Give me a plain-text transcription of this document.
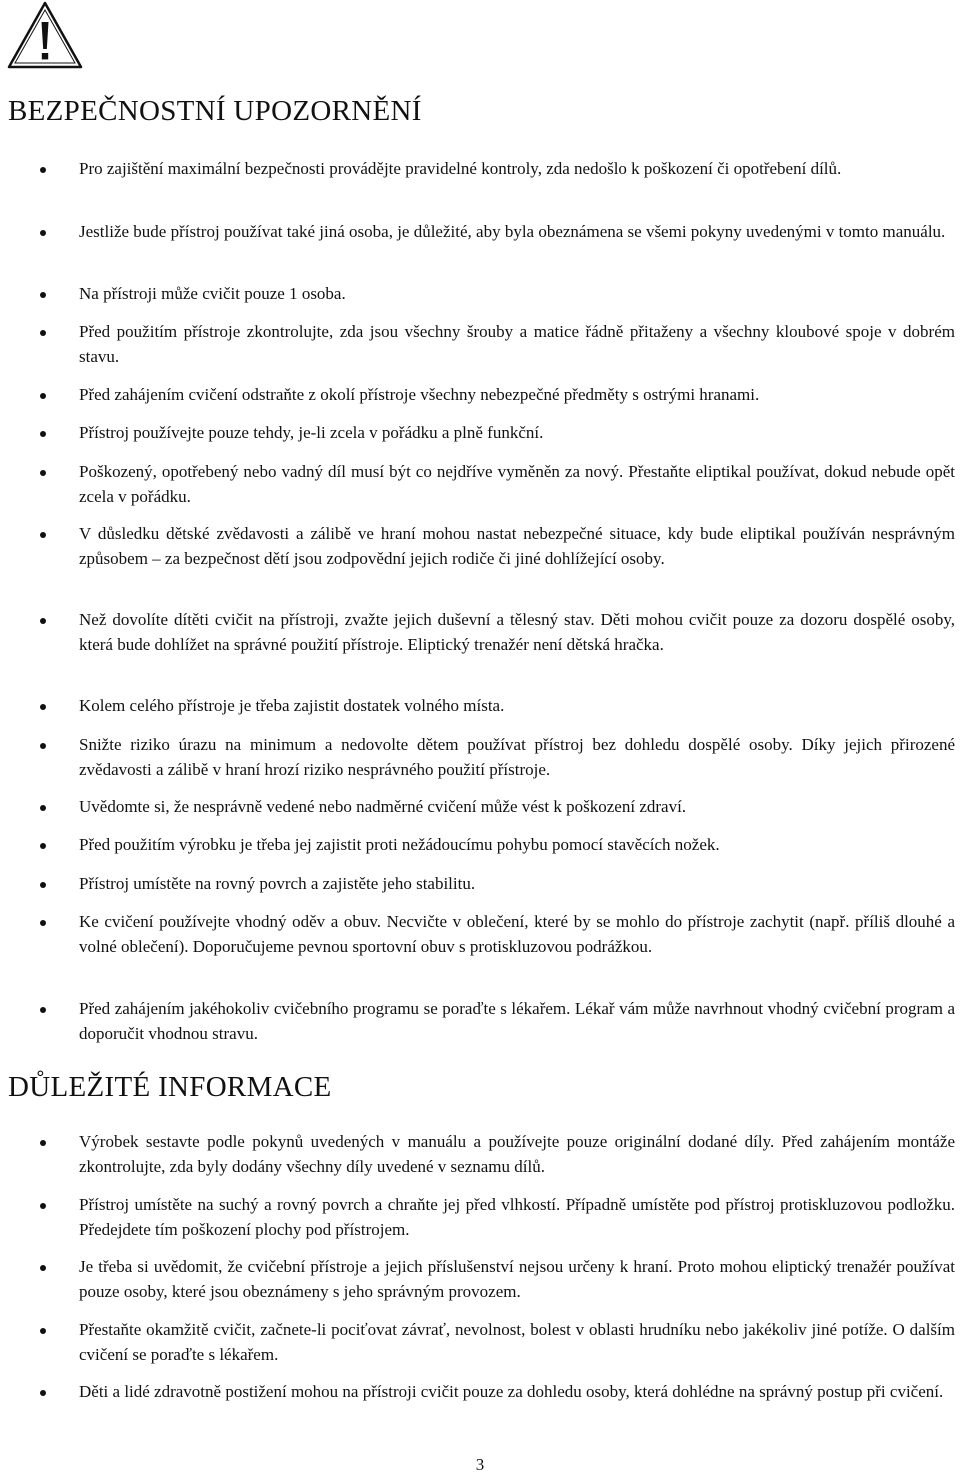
BEZPEČNOSTNÍ UPOZORNĚNÍ

Pro zajištění maximální bezpečnosti provádějte pravidelné kontroly, zda nedošlo k poškození či opotřebení dílů.

Jestliže bude přístroj používat také jiná osoba, je důležité, aby byla obeznámena se všemi pokyny uvedenými v tomto manuálu.

Na přístroji může cvičit pouze 1 osoba.

Před použitím přístroje zkontrolujte, zda jsou všechny šrouby a matice řádně přitaženy a všechny kloubové spoje v dobrém stavu.

Před zahájením cvičení odstraňte z okolí přístroje všechny nebezpečné předměty s ostrými hranami.

Přístroj používejte pouze tehdy, je-li zcela v pořádku a plně funkční.

Poškozený, opotřebený nebo vadný díl musí být co nejdříve vyměněn za nový. Přestaňte eliptikal používat, dokud nebude opět zcela v pořádku.

V důsledku dětské zvědavosti a zálibě ve hraní mohou nastat nebezpečné situace, kdy bude eliptikal používán nesprávným způsobem – za bezpečnost dětí jsou zodpovědní jejich rodiče či jiné dohlížející osoby.

Než dovolíte dítěti cvičit na přístroji, zvažte jejich duševní a tělesný stav. Děti mohou cvičit pouze za dozoru dospělé osoby, která bude dohlížet na správné použití přístroje. Eliptický trenažér není dětská hračka.

Kolem celého přístroje je třeba zajistit dostatek volného místa.

Snižte riziko úrazu na minimum a nedovolte dětem používat přístroj bez dohledu dospělé osoby. Díky jejich přirozené zvědavosti a zálibě v hraní hrozí riziko nesprávného použití přístroje.

Uvědomte si, že nesprávně vedené nebo nadměrné cvičení může vést k poškození zdraví.

Před použitím výrobku je třeba jej zajistit proti nežádoucímu pohybu pomocí stavěcích nožek.

Přístroj umístěte na rovný povrch a zajistěte jeho stabilitu.

Ke cvičení používejte vhodný oděv a obuv. Necvičte v oblečení, které by se mohlo do přístroje zachytit (např. příliš dlouhé a volné oblečení). Doporučujeme pevnou sportovní obuv s protiskluzovou podrážkou.

Před zahájením jakéhokoliv cvičebního programu se poraďte s lékařem. Lékař vám může navrhnout vhodný cvičební program a doporučit vhodnou stravu.

DŮLEŽITÉ INFORMACE

Výrobek sestavte podle pokynů uvedených v manuálu a používejte pouze originální dodané díly. Před zahájením montáže zkontrolujte, zda byly dodány všechny díly uvedené v seznamu dílů.

Přístroj umístěte na suchý a rovný povrch a chraňte jej před vlhkostí. Případně umístěte pod přístroj protiskluzovou podložku. Předejdete tím poškození plochy pod přístrojem.

Je třeba si uvědomit, že cvičební přístroje a jejich příslušenství nejsou určeny k hraní. Proto mohou eliptický trenažér používat pouze osoby, které jsou obeznámeny s jeho správným provozem.

Přestaňte okamžitě cvičit, začnete-li pociťovat závrať, nevolnost, bolest v oblasti hrudníku nebo jakékoliv jiné potíže. O dalším cvičení se poraďte s lékařem.

Děti a lidé zdravotně postižení mohou na přístroji cvičit pouze za dohledu osoby, která dohlédne na správný postup při cvičení.

3
